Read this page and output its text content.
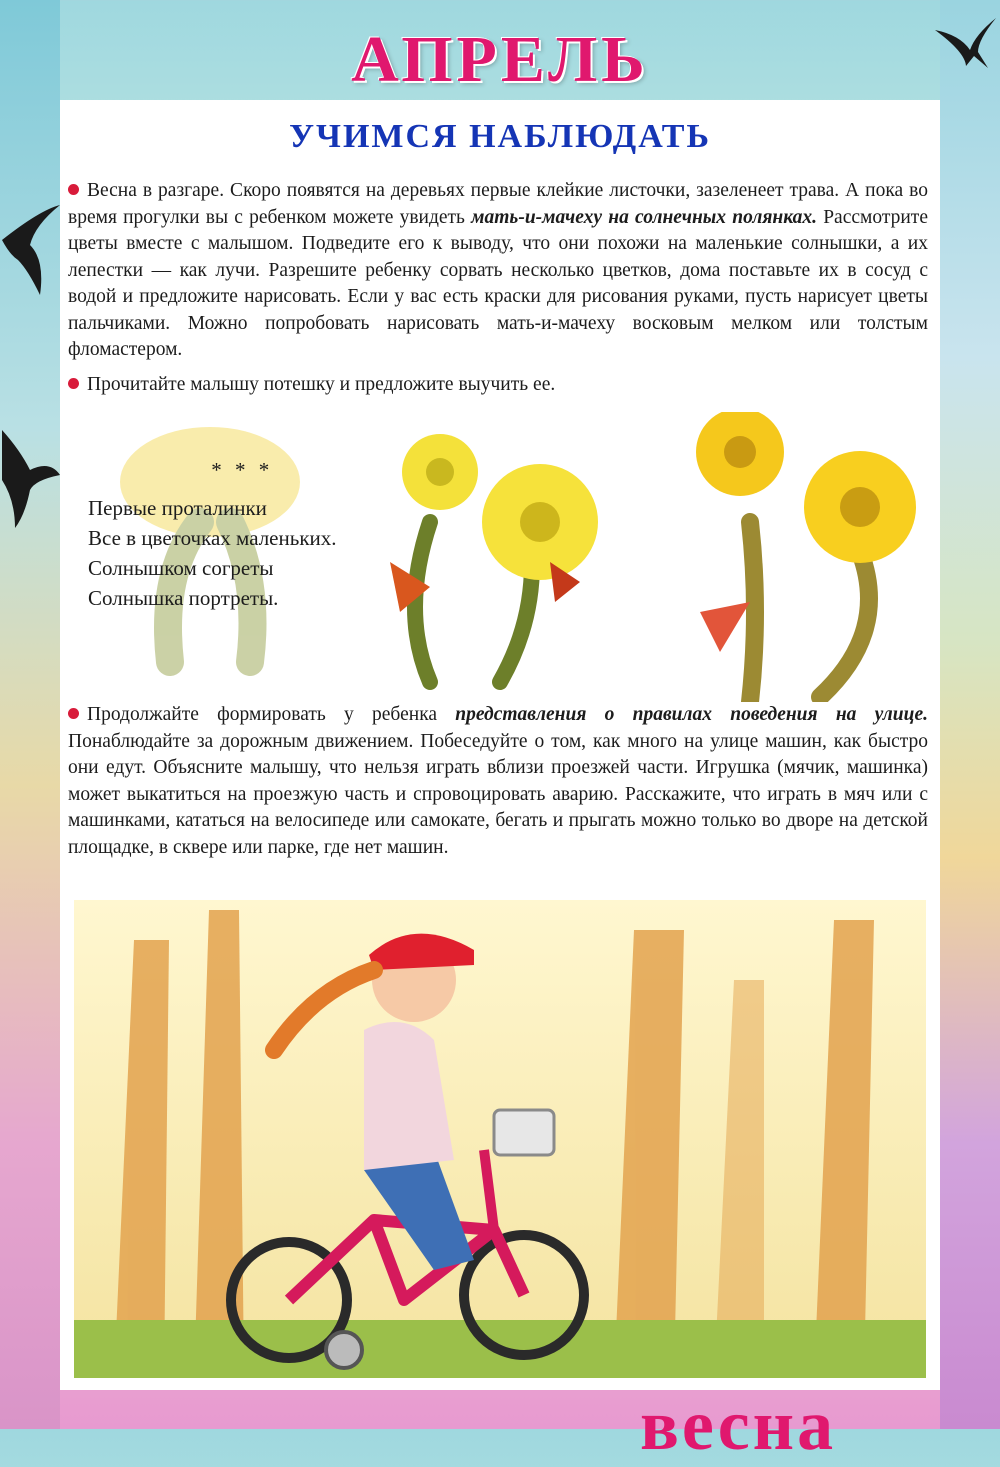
АПРЕЛЬ
УЧИМСЯ НАБЛЮДАТЬ

Весна в разгаре. Скоро появятся на деревьях первые клейкие листочки, зазеленеет трава. А пока во время прогулки вы с ребенком можете увидеть мать-и-мачеху на солнечных полянках. Рассмотрите цветы вместе с малышом. Подведите его к выводу, что они похожи на маленькие солнышки, а их лепестки — как лучи. Разрешите ребенку сорвать несколько цветков, дома поставьте их в сосуд с водой и предложите нарисовать. Если у вас есть краски для рисования руками, пусть нарисует цветы пальчиками. Можно попробовать нарисовать мать-и-мачеху восковым мелком или толстым фломастером.

Прочитайте малышу потешку и предложите выучить ее.

* * *
Первые проталинки
Все в цветочках маленьких.
Солнышком согреты
Солнышка портреты.

Продолжайте формировать у ребенка представления о правилах поведения на улице. Понаблюдайте за дорожным движением. Побеседуйте о том, как много на улице машин, как быстро они едут. Объясните малышу, что нельзя играть вблизи проезжей части. Игрушка (мячик, машинка) может выкатиться на проезжую часть и спровоцировать аварию. Расскажите, что играть в мяч или с машинками, кататься на велосипеде или самокате, бегать и прыгать можно только во дворе на детской площадке, в сквере или парке, где нет машин.

весна
